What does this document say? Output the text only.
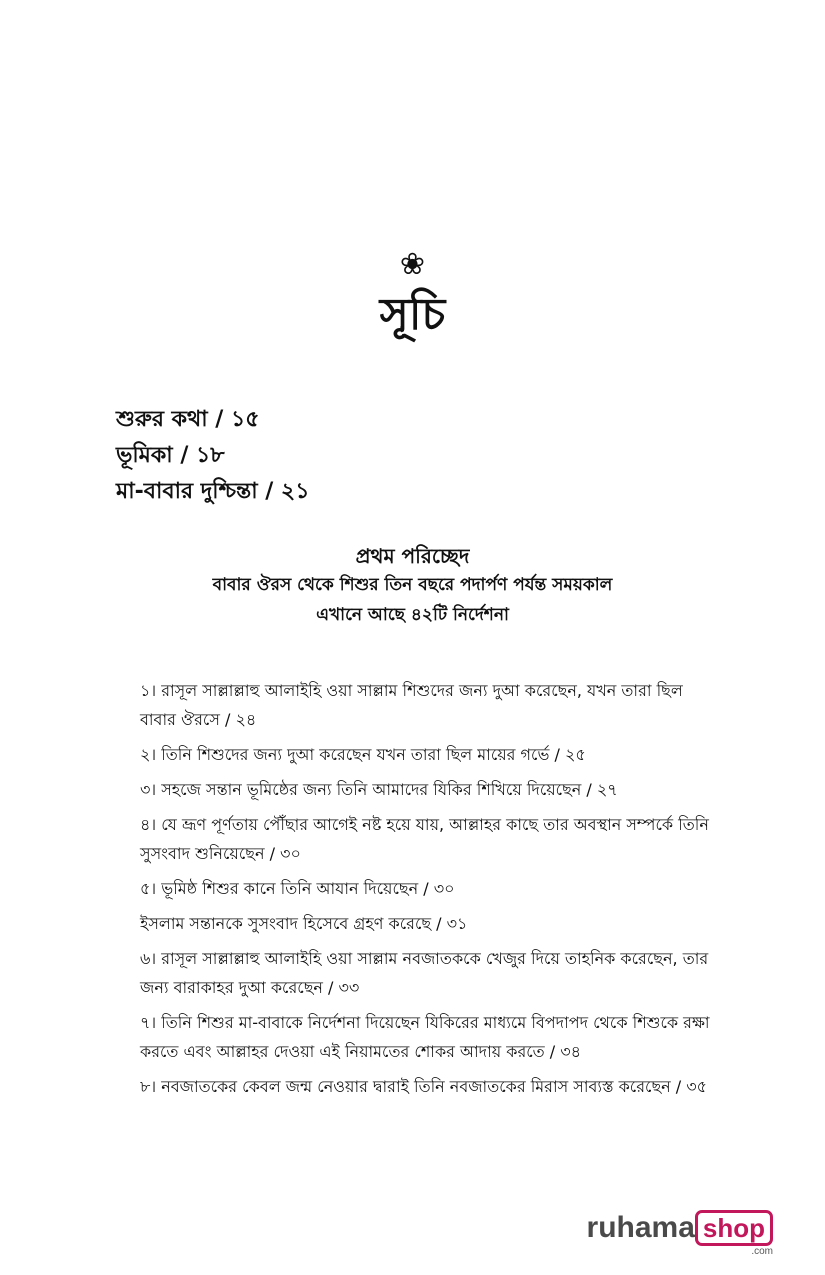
❀
সূচি
শুরুর কথা / ১৫
ভূমিকা / ১৮
মা-বাবার দুশ্চিন্তা / ২১
প্রথম পরিচ্ছেদ
বাবার ঔরস থেকে শিশুর তিন বছরে পদার্পণ পর্যন্ত সময়কাল
এখানে আছে ৪২টি নির্দেশনা
১। রাসূল সাল্লাল্লাহু আলাইহি ওয়া সাল্লাম শিশুদের জন্য দুআ করেছেন, যখন তারা ছিল বাবার ঔরসে / ২৪
২। তিনি শিশুদের জন্য দুআ করেছেন যখন তারা ছিল মায়ের গর্ভে / ২৫
৩। সহজে সন্তান ভূমিষ্ঠের জন্য তিনি আমাদের যিকির শিখিয়ে দিয়েছেন / ২৭
৪। যে ভ্রূণ পূর্ণতায় পৌঁছার আগেই নষ্ট হয়ে যায়, আল্লাহর কাছে তার অবস্থান সম্পর্কে তিনি সুসংবাদ শুনিয়েছেন / ৩০
৫। ভূমিষ্ঠ শিশুর কানে তিনি আযান দিয়েছেন / ৩০
ইসলাম সন্তানকে সুসংবাদ হিসেবে গ্রহণ করেছে / ৩১
৬। রাসূল সাল্লাল্লাহু আলাইহি ওয়া সাল্লাম নবজাতককে খেজুর দিয়ে তাহনিক করেছেন, তার জন্য বারাকাহর দুআ করেছেন / ৩৩
৭। তিনি শিশুর মা-বাবাকে নির্দেশনা দিয়েছেন যিকিরের মাধ্যমে বিপদাপদ থেকে শিশুকে রক্ষা করতে এবং আল্লাহর দেওয়া এই নিয়ামতের শোকর আদায় করতে / ৩৪
৮। নবজাতকের কেবল জন্ম নেওয়ার দ্বারাই তিনি নবজাতকের মিরাস সাব্যস্ত করেছেন / ৩৫
ruhama shop
.com
